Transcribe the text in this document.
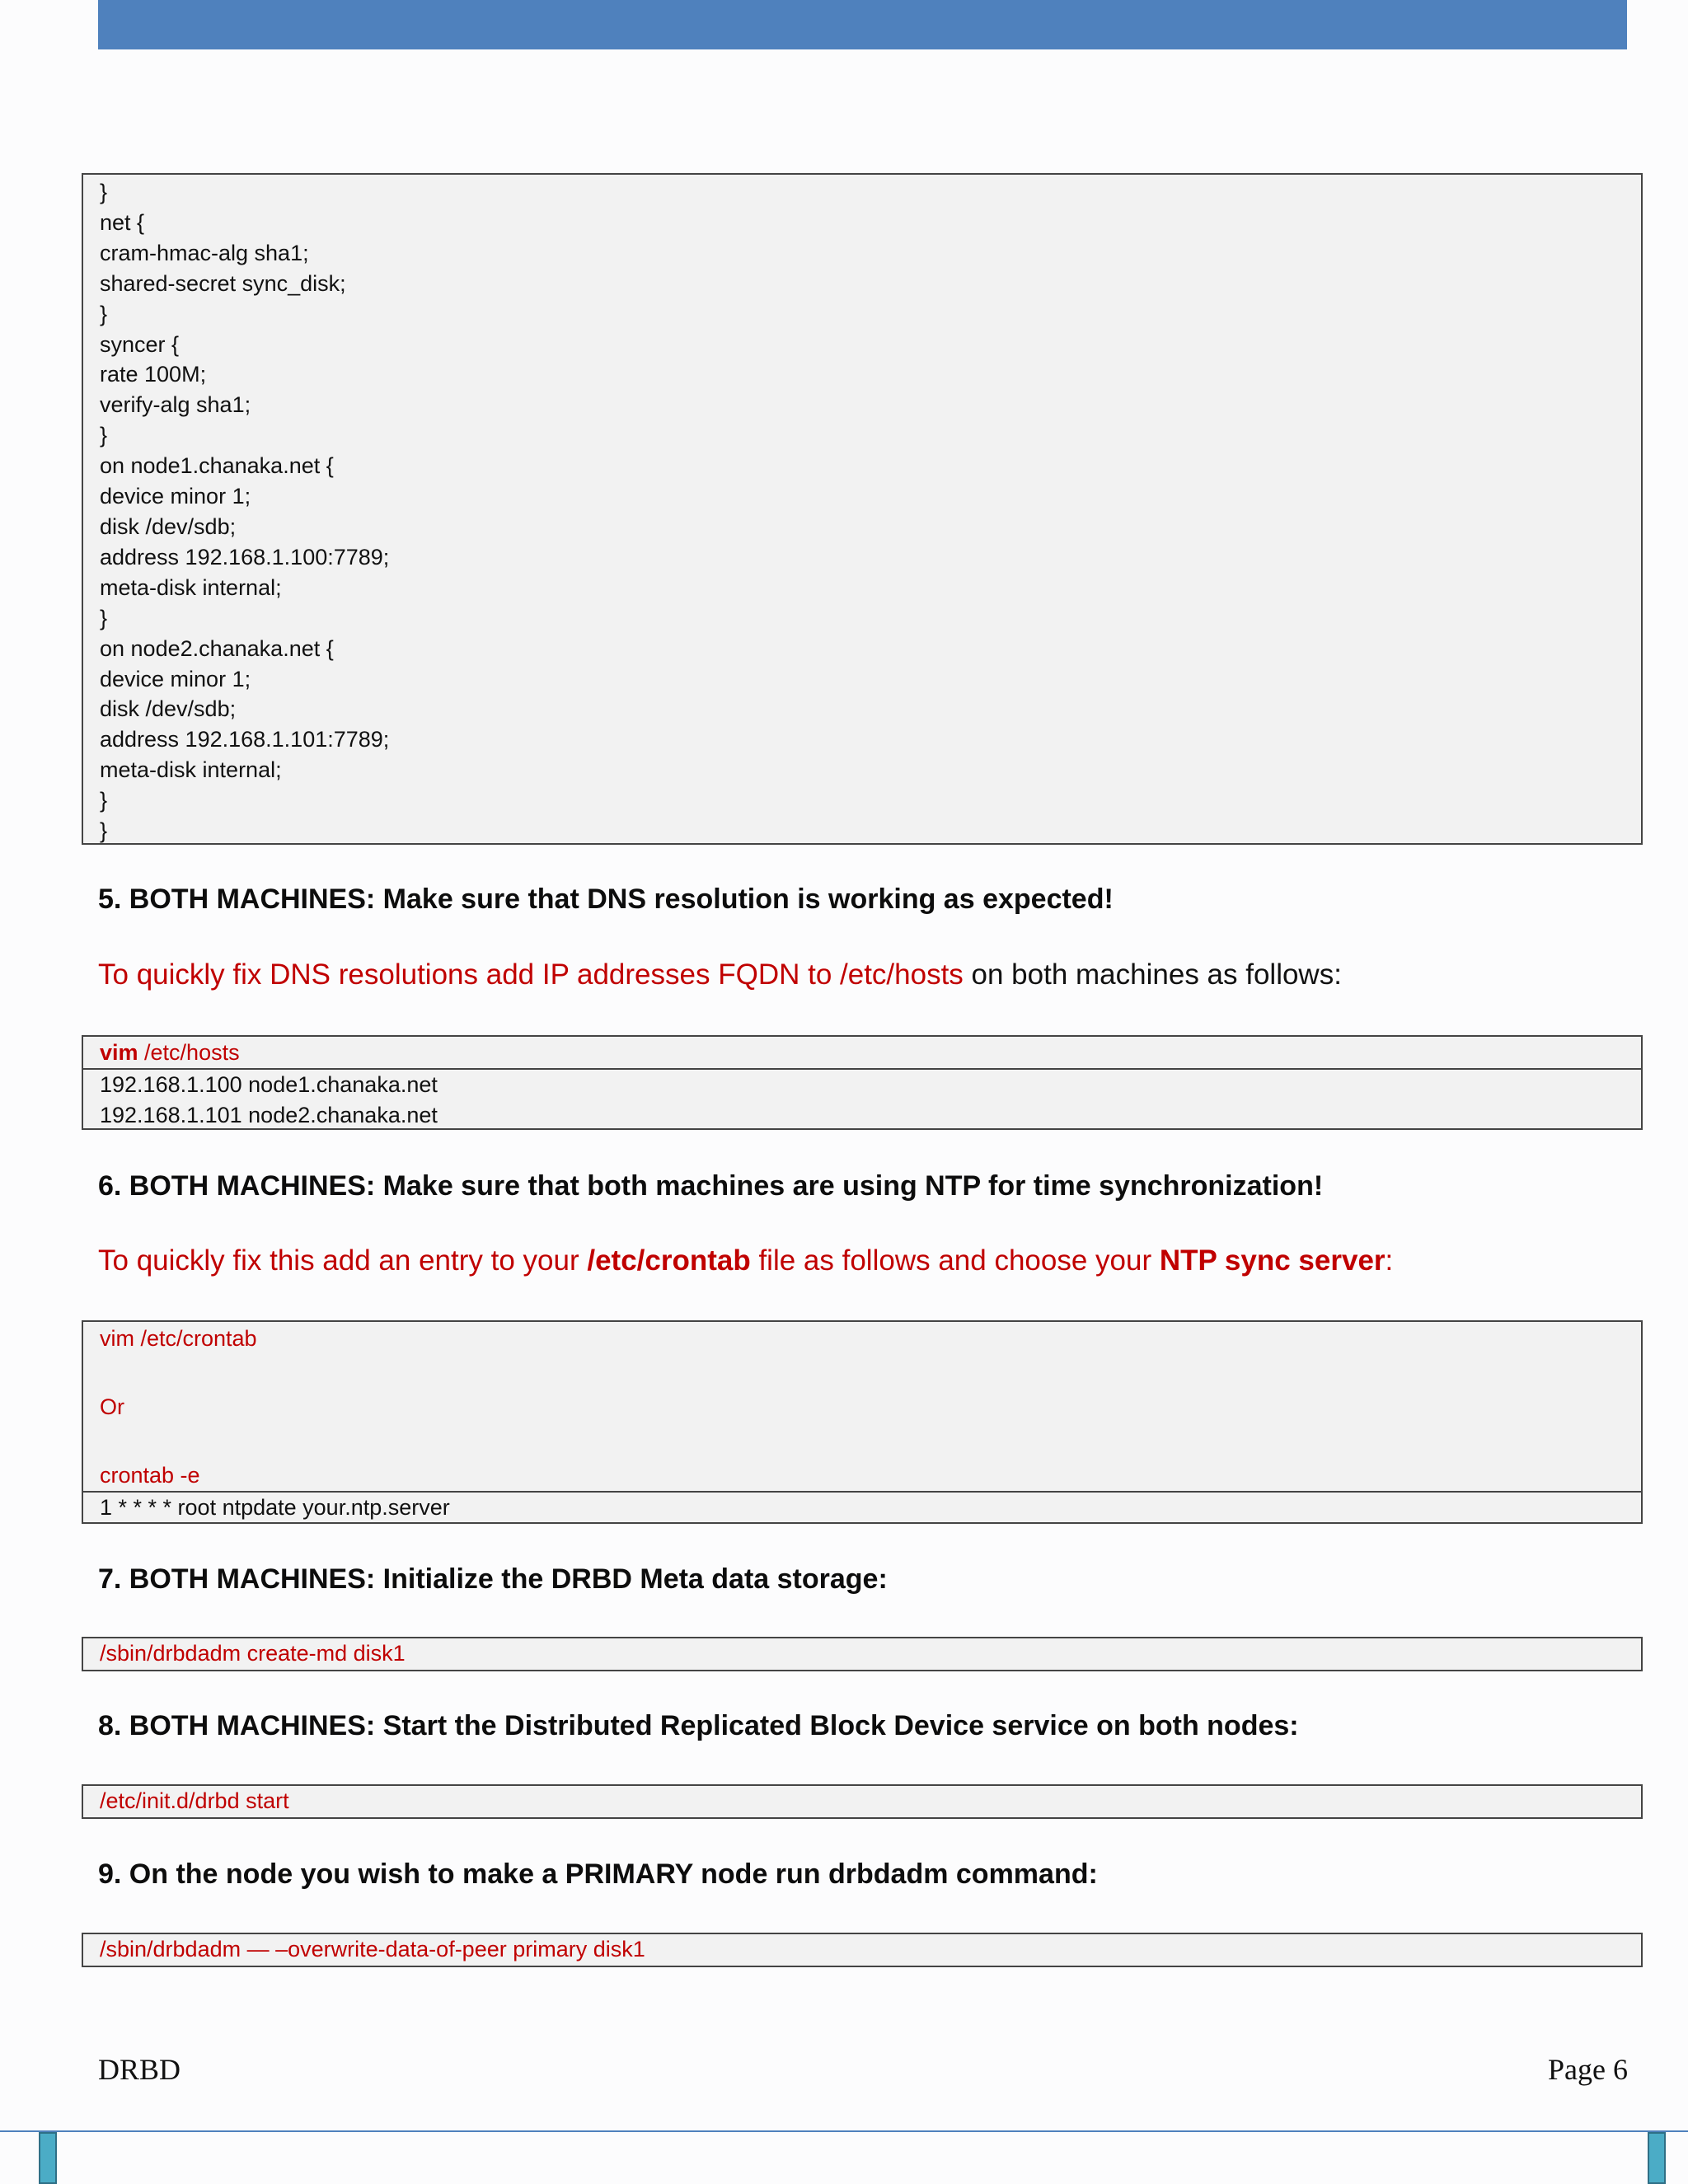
}
net {
cram-hmac-alg sha1;
shared-secret sync_disk;
}
syncer {
rate 100M;
verify-alg sha1;
}
on node1.chanaka.net {
device minor 1;
disk /dev/sdb;
address 192.168.1.100:7789;
meta-disk internal;
}
on node2.chanaka.net {
device minor 1;
disk /dev/sdb;
address 192.168.1.101:7789;
meta-disk internal;
}
}
5. BOTH MACHINES: Make sure that DNS resolution is working as expected!
To quickly fix DNS resolutions add IP addresses FQDN to /etc/hosts on both machines as follows:
vim /etc/hosts
192.168.1.100 node1.chanaka.net
192.168.1.101 node2.chanaka.net
6. BOTH MACHINES: Make sure that both machines are using NTP for time synchronization!
To quickly fix this add an entry to your /etc/crontab file as follows and choose your NTP sync server:
vim /etc/crontab
Or
crontab -e
1 * * * * root ntpdate your.ntp.server
7. BOTH MACHINES: Initialize the DRBD Meta data storage:
/sbin/drbdadm create-md disk1
8. BOTH MACHINES: Start the Distributed Replicated Block Device service on both nodes:
/etc/init.d/drbd start
9. On the node you wish to make a PRIMARY node run drbdadm command:
/sbin/drbdadm — –overwrite-data-of-peer primary disk1
DRBD	Page 6
